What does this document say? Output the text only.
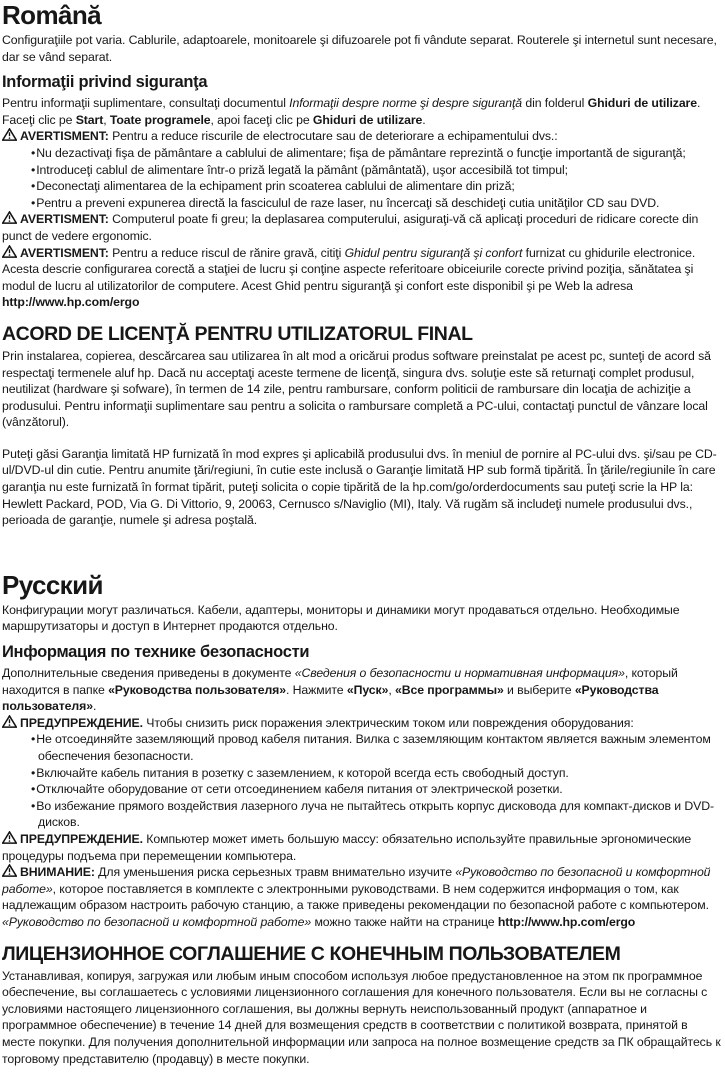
Română

Configuraţiile pot varia. Cablurile, adaptoarele, monitoarele şi difuzoarele pot fi vândute separat. Routerele şi internetul sunt necesare, dar se vând separat.

Informaţii privind siguranţa

Pentru informaţii suplimentare, consultaţi documentul Informaţii despre norme şi despre siguranţă din folderul Ghiduri de utilizare. Faceţi clic pe Start, Toate programele, apoi faceţi clic pe Ghiduri de utilizare.

AVERTISMENT: Pentru a reduce riscurile de electrocutare sau de deteriorare a echipamentului dvs.:

• Nu dezactivaţi fişa de pământare a cablului de alimentare; fişa de pământare reprezintă o funcţie importantă de siguranţă;
• Introduceţi cablul de alimentare într-o priză legată la pământ (pământată), uşor accesibilă tot timpul;
• Deconectaţi alimentarea de la echipament prin scoaterea cablului de alimentare din priză;
• Pentru a preveni expunerea directă la fasciculul de raze laser, nu încercaţi să deschideţi cutia unităţilor CD sau DVD.

AVERTISMENT: Computerul poate fi greu; la deplasarea computerului, asiguraţi-vă că aplicaţi proceduri de ridicare corecte din punct de vedere ergonomic.

AVERTISMENT: Pentru a reduce riscul de rănire gravă, citiţi Ghidul pentru siguranţă şi confort furnizat cu ghidurile electronice. Acesta descrie configurarea corectă a staţiei de lucru şi conţine aspecte referitoare obiceiurile corecte privind poziţia, sănătatea şi modul de lucru al utilizatorilor de computere. Acest Ghid pentru siguranţă şi confort este disponibil şi pe Web la adresa http://www.hp.com/ergo

ACORD DE LICENŢĂ PENTRU UTILIZATORUL FINAL

Prin instalarea, copierea, descărcarea sau utilizarea în alt mod a oricărui produs software preinstalat pe acest pc, sunteţi de acord să respectaţi termenele aluf hp. Dacă nu acceptaţi aceste termene de licenţă, singura dvs. soluţie este să returnaţi complet produsul, neutilizat (hardware şi sofware), în termen de 14 zile, pentru rambursare, conform politicii de rambursare din locaţia de achiziţie a produsului. Pentru informaţii suplimentare sau pentru a solicita o rambursare completă a PC-ului, contactaţi punctul de vânzare local (vânzătorul).

Puteţi găsi Garanţia limitată HP furnizată în mod expres şi aplicabilă produsului dvs. în meniul de pornire al PC-ului dvs. şi/sau pe CD-ul/DVD-ul din cutie. Pentru anumite ţări/regiuni, în cutie este inclusă o Garanţie limitată HP sub formă tipărită. În ţările/regiunile în care garanţia nu este furnizată în format tipărit, puteţi solicita o copie tipărită de la hp.com/go/orderdocuments sau puteţi scrie la HP la: Hewlett Packard, POD, Via G. Di Vittorio, 9, 20063, Cernusco s/Naviglio (MI), Italy. Vă rugăm să includeţi numele produsului dvs., perioada de garanţie, numele şi adresa poştală.

Русский

Конфигурации могут различаться. Кабели, адаптеры, мониторы и динамики могут продаваться отдельно. Необходимые маршрутизаторы и доступ в Интернет продаются отдельно.

Информация по технике безопасности

Дополнительные сведения приведены в документе «Сведения о безопасности и нормативная информация», который находится в папке «Руководства пользователя». Нажмите «Пуск», «Все программы» и выберите «Руководства пользователя».

ПРЕДУПРЕЖДЕНИЕ. Чтобы снизить риск поражения электрическим током или повреждения оборудования:

• Не отсоединяйте заземляющий провод кабеля питания. Вилка с заземляющим контактом является важным элементом обеспечения безопасности.
• Включайте кабель питания в розетку с заземлением, к которой всегда есть свободный доступ.
• Отключайте оборудование от сети отсоединением кабеля питания от электрической розетки.
• Во избежание прямого воздействия лазерного луча не пытайтесь открыть корпус дисковода для компакт-дисков и DVD-дисков.

ПРЕДУПРЕЖДЕНИЕ. Компьютер может иметь большую массу: обязательно используйте правильные эргономические процедуры подъема при перемещении компьютера.

ВНИМАНИЕ: Для уменьшения риска серьезных травм внимательно изучите «Руководство по безопасной и комфортной работе», которое поставляется в комплекте с электронными руководствами. В нем содержится информация о том, как надлежащим образом настроить рабочую станцию, а также приведены рекомендации по безопасной работе с компьютером. «Руководство по безопасной и комфортной работе» можно также найти на странице http://www.hp.com/ergo

ЛИЦЕНЗИОННОЕ СОГЛАШЕНИЕ С КОНЕЧНЫМ ПОЛЬЗОВАТЕЛЕМ

Устанавливая, копируя, загружая или любым иным способом используя любое предустановленное на этом пк программное обеспечение, вы соглашаетесь с условиями лицензионного соглашения для конечного пользователя. Если вы не согласны с условиями настоящего лицензионного соглашения, вы должны вернуть неиспользованный продукт (аппаратное и программное обеспечение) в течение 14 дней для возмещения средств в соответствии с политикой возврата, принятой в месте покупки. Для получения дополнительной информации или запроса на полное возмещение средств за ПК обращайтесь к торговому представителю (продавцу) в месте покупки.
